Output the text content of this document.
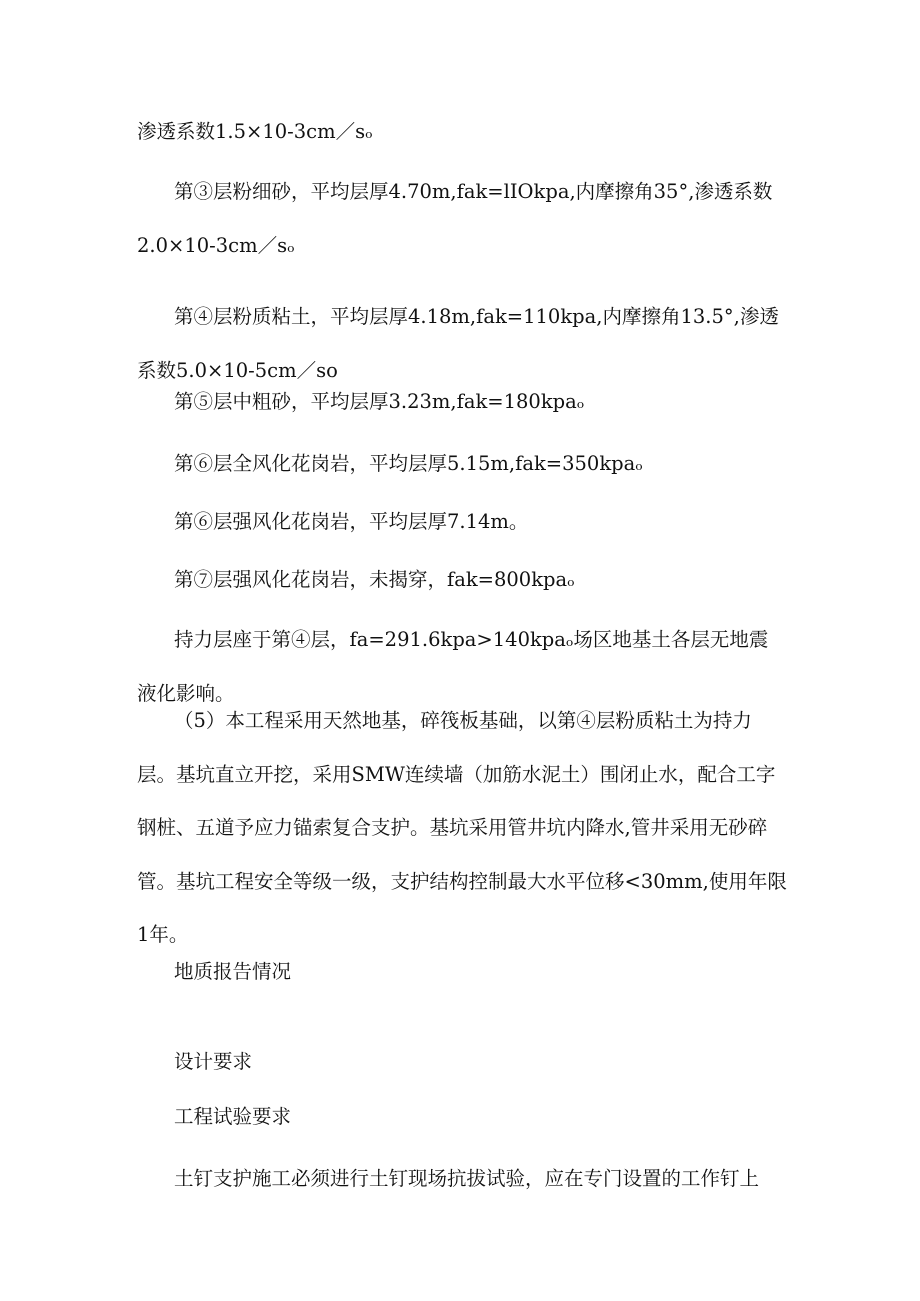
渗透系数1.5×10-3cm／sₒ

第③层粉细砂，平均层厚4.70m,fak=lIOkpa,内摩擦角35°,渗透系数2.0×10-3cm／sₒ

第④层粉质粘土，平均层厚4.18m,fak=110kpa,内摩擦角13.5°,渗透系数5.0×10-5cm／so

第⑤层中粗砂，平均层厚3.23m,fak=180kpaₒ

第⑥层全风化花岗岩，平均层厚5.15m,fak=350kpaₒ

第⑥层强风化花岗岩，平均层厚7.14m。

第⑦层强风化花岗岩，未揭穿，fak=800kpaₒ

持力层座于第④层，fa=291.6kpa>140kpaₒ场区地基土各层无地震液化影响。

（5）本工程采用天然地基，碎筏板基础，以第④层粉质粘土为持力层。基坑直立开挖，采用SMW连续墙（加筋水泥土）围闭止水，配合工字钢桩、五道予应力锚索复合支护。基坑采用管井坑内降水,管井采用无砂碎管。基坑工程安全等级一级，支护结构控制最大水平位移<30mm,使用年限1年。

地质报告情况

设计要求

工程试验要求

土钉支护施工必须进行土钉现场抗拔试验，应在专门设置的工作钉上
